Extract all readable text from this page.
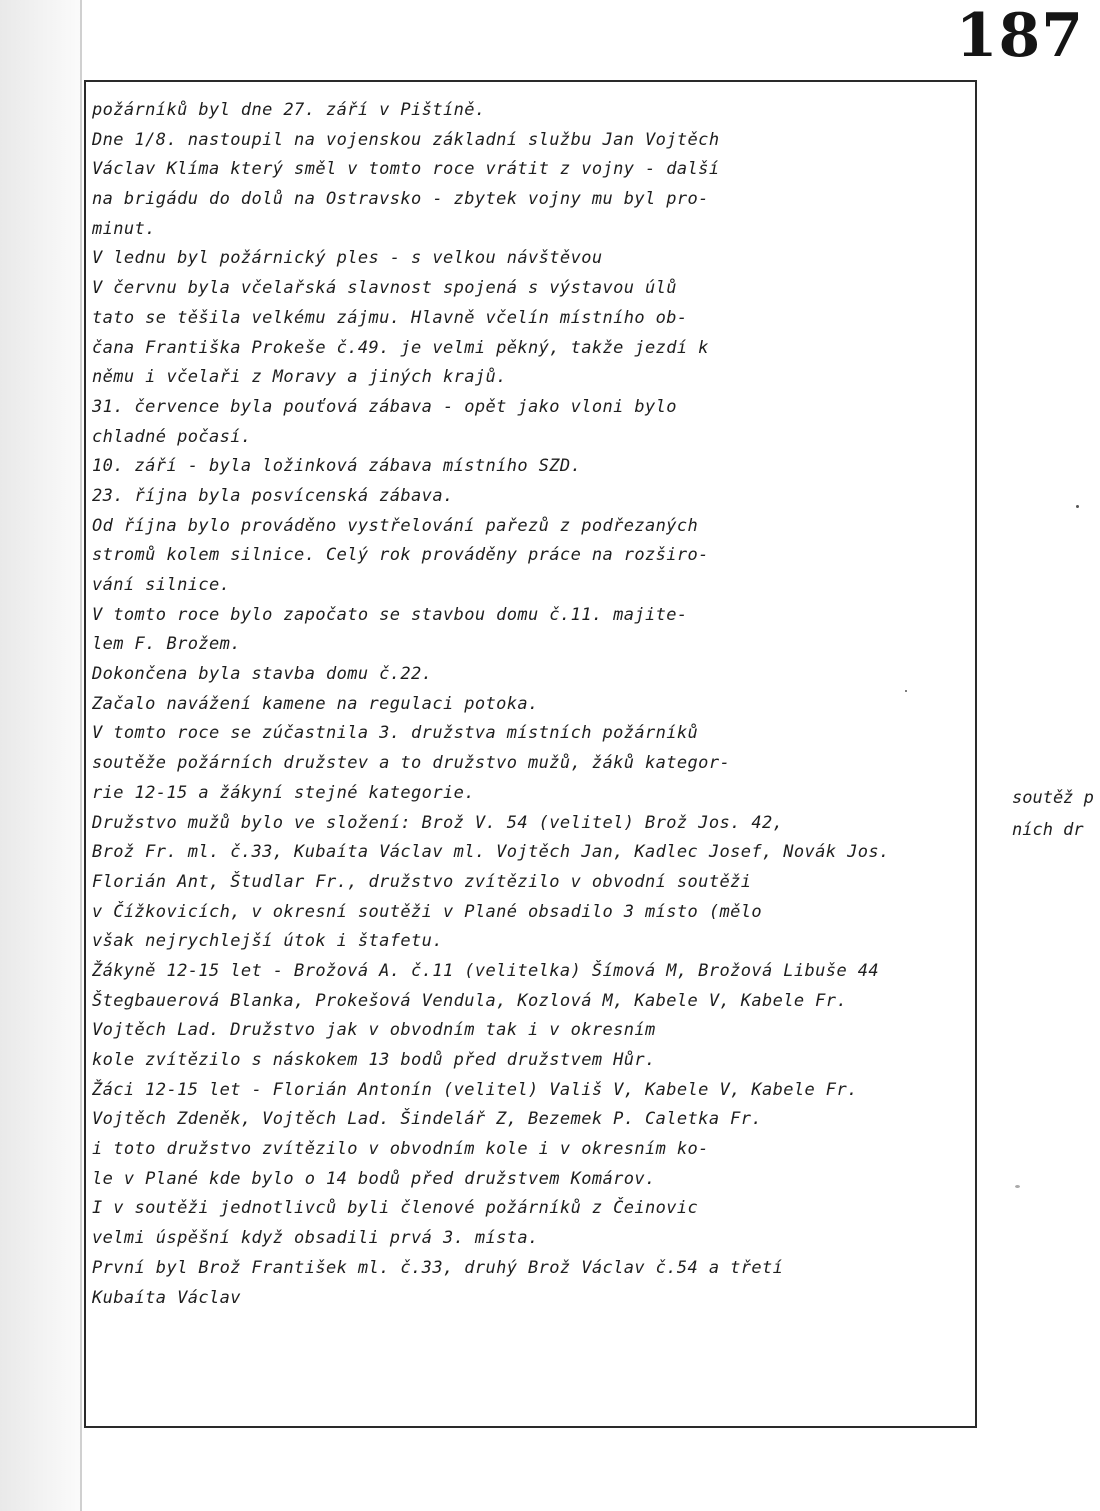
187
požárníků byl dne 27. září v Pištíně.
Dne 1/8. nastoupil na vojenskou základní službu Jan Vojtěch
Václav Klíma který směl v tomto roce vrátit z vojny - další
na brigádu do dolů na Ostravsko - zbytek vojny mu byl pro-
minut.
V lednu byl požárnický ples - s velkou návštěvou
V červnu byla včelařská slavnost spojená s výstavou úlů
tato se těšila velkému zájmu. Hlavně včelín místního ob-
čana Františka Prokeše č.49. je velmi pěkný, takže jezdí k
němu i včelaři z Moravy a jiných krajů.
31. července byla pouťová zábava - opět jako vloni bylo
chladné počasí.
10. září - byla ložinková zábava místního SZD.
23. října byla posvícenská zábava.
Od října bylo prováděno vystřelování pařezů z podřezaných
stromů kolem silnice. Celý rok prováděny práce na rozširo-
vání silnice.
V tomto roce bylo započato se stavbou domu č.11. majite-
lem F. Brožem.
Dokončena byla stavba domu č.22.
Začalo navážení kamene na regulaci potoka.
V tomto roce se zúčastnila 3. družstva místních požárníků
soutěže požárních družstev a to družstvo mužů, žáků kategor-
rie 12-15 a žákyní stejné kategorie.
Družstvo mužů bylo ve složení: Brož V. 54 (velitel) Brož Jos. 42,
Brož Fr. ml. č.33, Kubaíta Václav ml. Vojtěch Jan, Kadlec Josef, Novák Jos.
Florián Ant, Študlar Fr., družstvo zvítězilo v obvodní soutěži
v Čížkovicích, v okresní soutěži v Plané obsadilo 3 místo (mělo
však nejrychlejší útok i štafetu.
Žákyně 12-15 let - Brožová A. č.11 (velitelka) Šímová M, Brožová Libuše 44
Štegbauerová Blanka, Prokešová Vendula, Kozlová M, Kabele V, Kabele Fr.
Vojtěch Lad. Družstvo jak v obvodním tak i v okresním
kole zvítězilo s náskokem 13 bodů před družstvem Hůr.
Žáci 12-15 let - Florián Antonín (velitel) Vališ V, Kabele V, Kabele Fr.
Vojtěch Zdeněk, Vojtěch Lad. Šindelář Z, Bezemek P. Caletka Fr.
i toto družstvo zvítězilo v obvodním kole i v okresním ko-
le v Plané kde bylo o 14 bodů před družstvem Komárov.
I v soutěži jednotlivců byli členové požárníků z Čeinovic
velmi úspěšní když obsadili prvá 3. místa.
První byl Brož František ml. č.33, druhý Brož Václav č.54 a třetí
Kubaíta Václav
soutěž p
ních dr
